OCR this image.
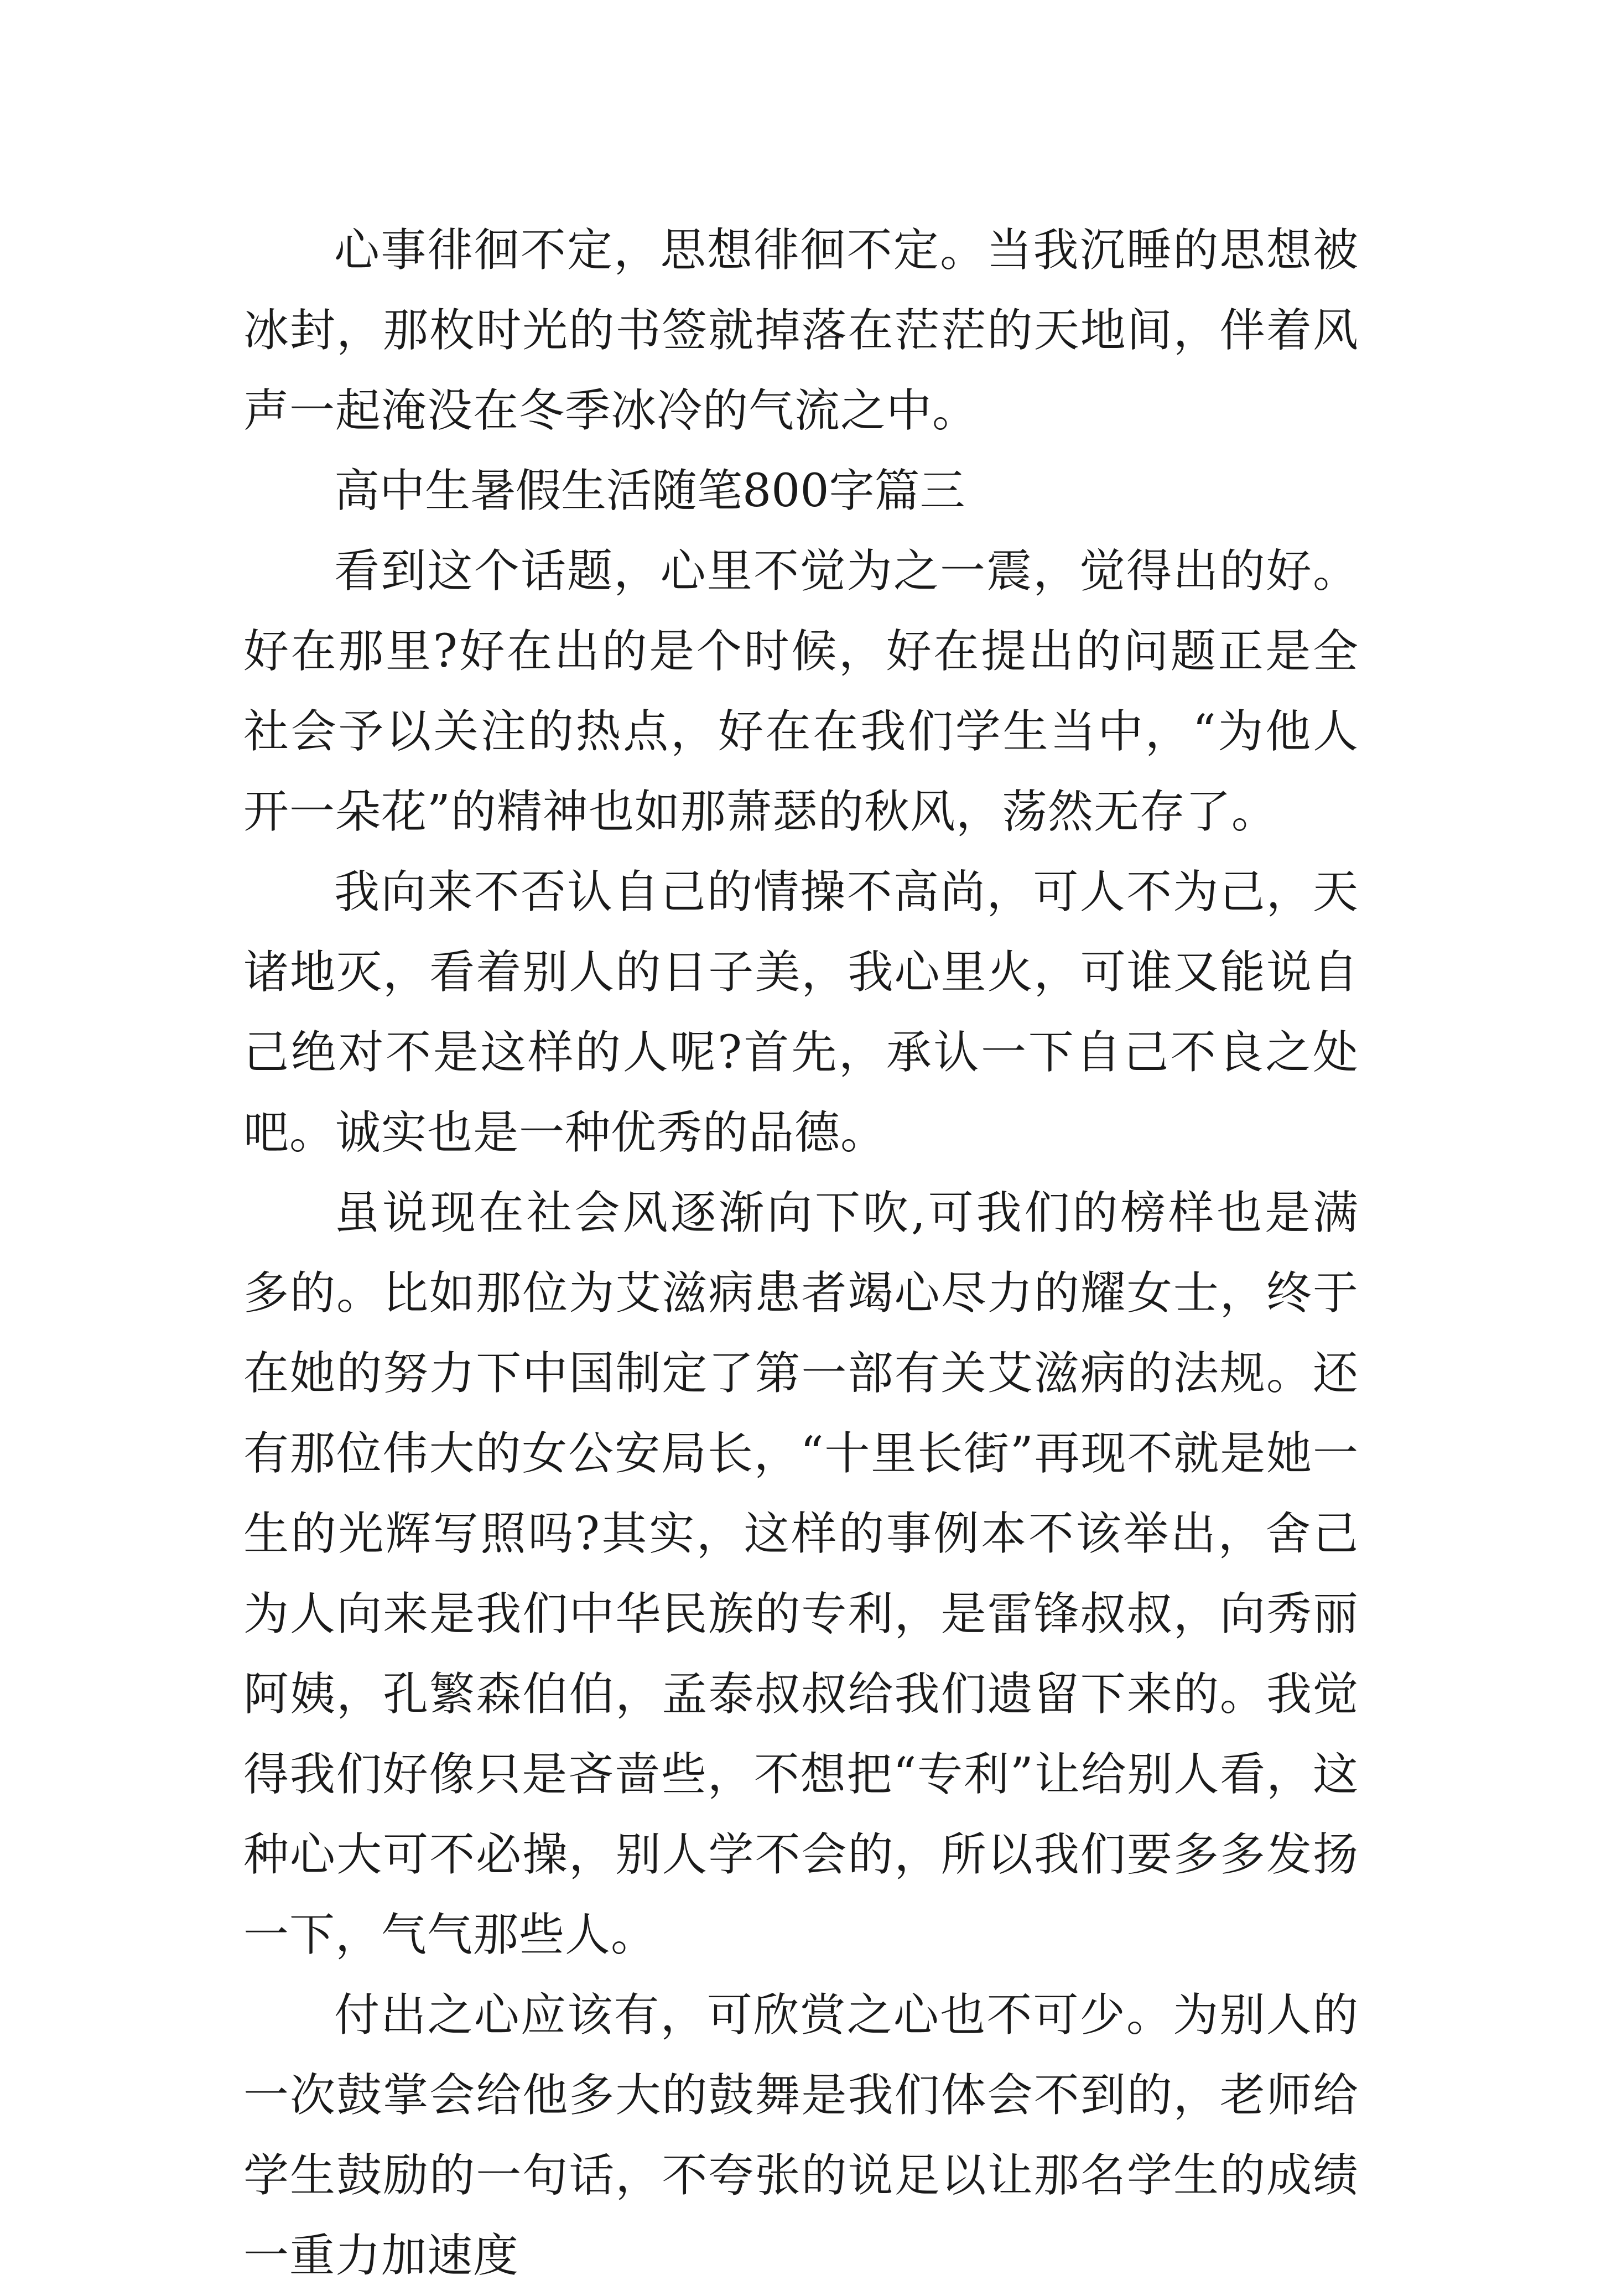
心事徘徊不定，思想徘徊不定。当我沉睡的思想被冰封，那枚时光的书签就掉落在茫茫的天地间，伴着风声一起淹没在冬季冰冷的气流之中。

高中生暑假生活随笔800字篇三

看到这个话题，心里不觉为之一震，觉得出的好。好在那里?好在出的是个时候，好在提出的问题正是全社会予以关注的热点，好在在我们学生当中，“为他人开一朵花”的精神也如那萧瑟的秋风，荡然无存了。

我向来不否认自己的情操不高尚，可人不为己，天诸地灭，看着别人的日子美，我心里火，可谁又能说自己绝对不是这样的人呢?首先，承认一下自己不良之处吧。诚实也是一种优秀的品德。

虽说现在社会风逐渐向下吹,可我们的榜样也是满多的。比如那位为艾滋病患者竭心尽力的耀女士，终于在她的努力下中国制定了第一部有关艾滋病的法规。还有那位伟大的女公安局长，“十里长街”再现不就是她一生的光辉写照吗?其实，这样的事例本不该举出，舍己为人向来是我们中华民族的专利，是雷锋叔叔，向秀丽阿姨，孔繁森伯伯，孟泰叔叔给我们遗留下来的。我觉得我们好像只是吝啬些，不想把“专利”让给别人看，这种心大可不必操，别人学不会的，所以我们要多多发扬一下，气气那些人。

付出之心应该有，可欣赏之心也不可少。为别人的一次鼓掌会给他多大的鼓舞是我们体会不到的，老师给学生鼓励的一句话，不夸张的说足以让那名学生的成绩一重力加速度
